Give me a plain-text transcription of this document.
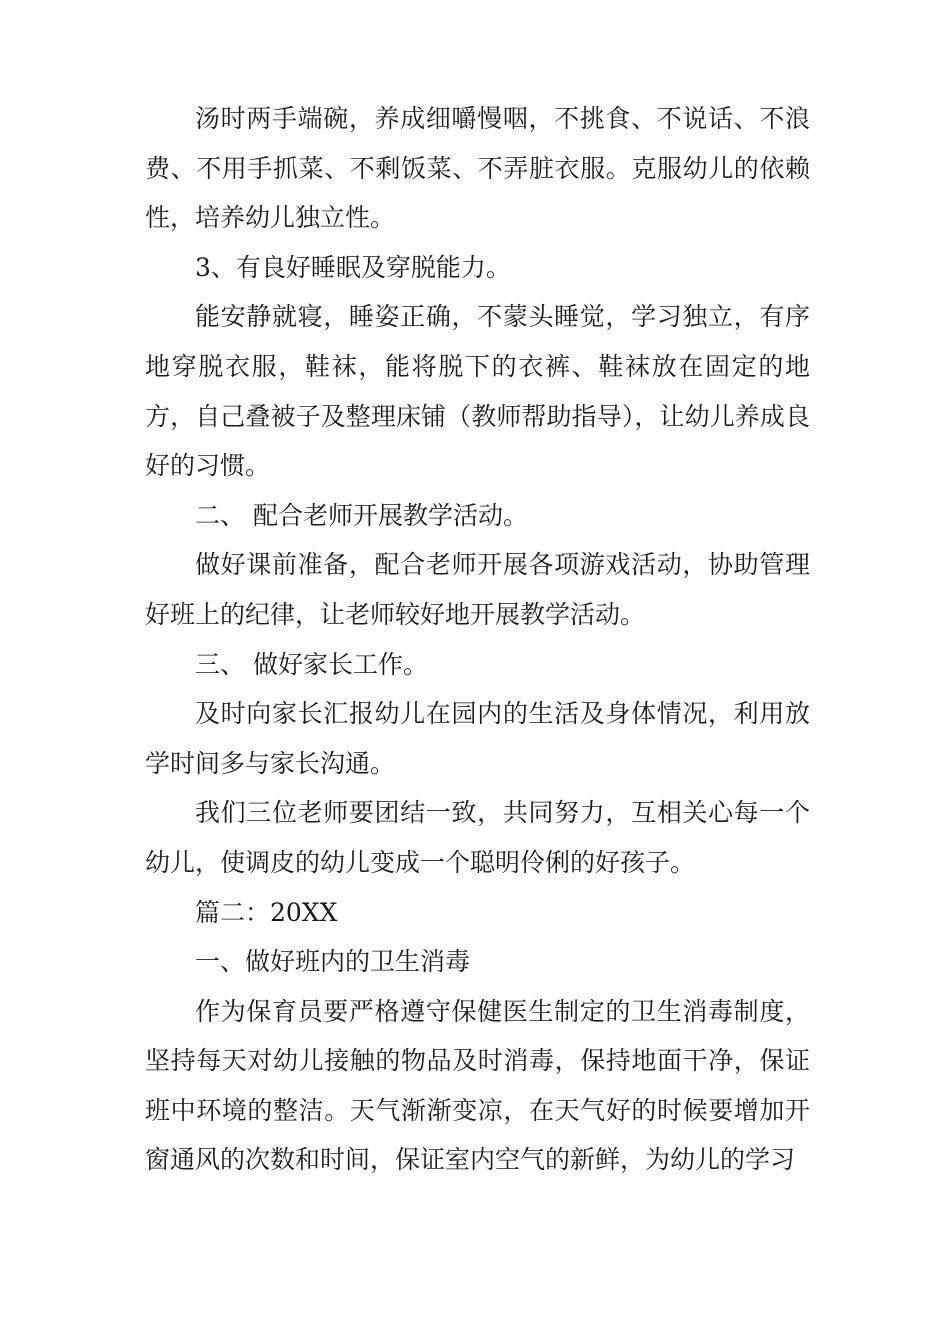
汤时两手端碗，养成细嚼慢咽，不挑食、不说话、不浪费、不用手抓菜、不剩饭菜、不弄脏衣服。克服幼儿的依赖性，培养幼儿独立性。

3、有良好睡眠及穿脱能力。

能安静就寝，睡姿正确，不蒙头睡觉，学习独立，有序地穿脱衣服，鞋袜，能将脱下的衣裤、鞋袜放在固定的地方，自己叠被子及整理床铺（教师帮助指导），让幼儿养成良好的习惯。

二、 配合老师开展教学活动。

做好课前准备，配合老师开展各项游戏活动，协助管理好班上的纪律，让老师较好地开展教学活动。

三、 做好家长工作。

及时向家长汇报幼儿在园内的生活及身体情况，利用放学时间多与家长沟通。

我们三位老师要团结一致，共同努力，互相关心每一个幼儿，使调皮的幼儿变成一个聪明伶俐的好孩子。

篇二：20XX

一、做好班内的卫生消毒

作为保育员要严格遵守保健医生制定的卫生消毒制度，坚持每天对幼儿接触的物品及时消毒，保持地面干净，保证班中环境的整洁。天气渐渐变凉，在天气好的时候要增加开窗通风的次数和时间，保证室内空气的新鲜，为幼儿的学习
